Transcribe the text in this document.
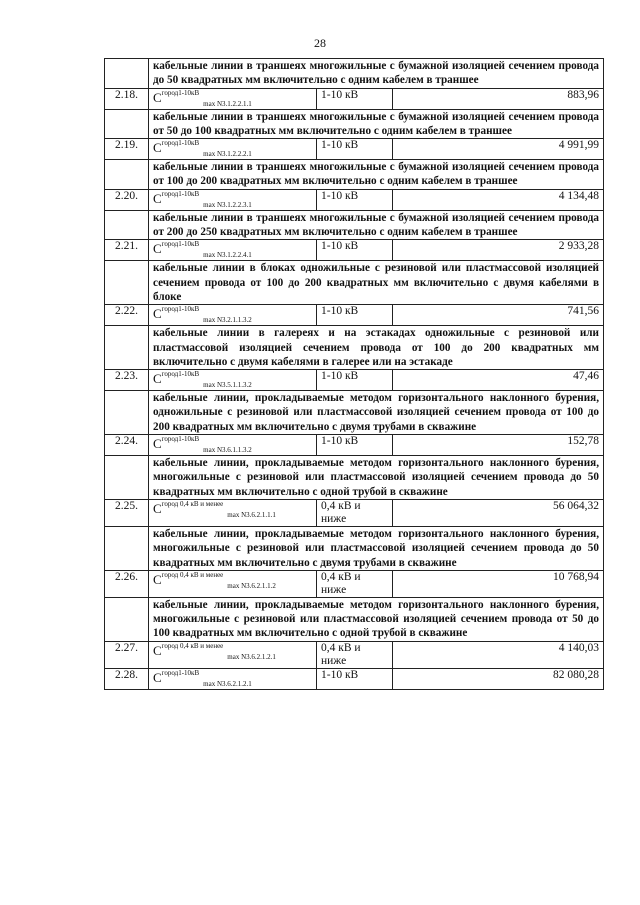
28
	кабельные линии в траншеях многожильные с бумажной изоляцией сечением провода до 50 квадратных мм включительно с одним кабелем в траншее		
2.18.	$C^{город1-10кВ}_{max N3.1.2.2.1.1}$	1-10 кВ	883,96
	кабельные линии в траншеях многожильные с бумажной изоляцией сечением провода от 50 до 100 квадратных мм включительно с одним кабелем в траншее		
2.19.	$C^{город1-10кВ}_{max N3.1.2.2.2.1}$	1-10 кВ	4 991,99
	кабельные линии в траншеях многожильные с бумажной изоляцией сечением провода от 100 до 200 квадратных мм включительно с одним кабелем в траншее		
2.20.	$C^{город1-10кВ}_{max N3.1.2.2.3.1}$	1-10 кВ	4 134,48
	кабельные линии в траншеях многожильные с бумажной изоляцией сечением провода от 200 до 250 квадратных мм включительно с одним кабелем в траншее		
2.21.	$C^{город1-10кВ}_{max N3.1.2.2.4.1}$	1-10 кВ	2 933,28
	кабельные линии в блоках одножильные с резиновой или пластмассовой изоляцией сечением провода от 100 до 200 квадратных мм включительно с двумя кабелями в блоке		
2.22.	$C^{город1-10кВ}_{max N3.2.1.1.3.2}$	1-10 кВ	741,56
	кабельные линии в галереях и на эстакадах одножильные с резиновой или пластмассовой изоляцией сечением провода от 100 до 200 квадратных мм включительно с двумя кабелями в галерее или на эстакаде		
2.23.	$C^{город1-10кВ}_{max N3.5.1.1.3.2}$	1-10 кВ	47,46
	кабельные линии, прокладываемые методом горизонтального наклонного бурения, одножильные с резиновой или пластмассовой изоляцией сечением провода от 100 до 200 квадратных мм включительно с двумя трубами в скважине		
2.24.	$C^{город1-10кВ}_{max N3.6.1.1.3.2}$	1-10 кВ	152,78
	кабельные линии, прокладываемые методом горизонтального наклонного бурения, многожильные с резиновой или пластмассовой изоляцией сечением провода до 50 квадратных мм включительно с одной трубой в скважине		
2.25.	$C^{город 0,4 кВ и менее}_{max N3.6.2.1.1.1}$	0,4 кВ и ниже	56 064,32
	кабельные линии, прокладываемые методом горизонтального наклонного бурения, многожильные с резиновой или пластмассовой изоляцией сечением провода до 50 квадратных мм включительно с двумя трубами в скважине		
2.26.	$C^{город 0,4 кВ и менее}_{max N3.6.2.1.1.2}$	0,4 кВ и ниже	10 768,94
	кабельные линии, прокладываемые методом горизонтального наклонного бурения, многожильные с резиновой или пластмассовой изоляцией сечением провода от 50 до 100 квадратных мм включительно с одной трубой в скважине		
2.27.	$C^{город 0,4 кВ и менее}_{max N3.6.2.1.2.1}$	0,4 кВ и ниже	4 140,03
2.28.	$C^{город1-10кВ}_{max N3.6.2.1.2.1}$	1-10 кВ	82 080,28
